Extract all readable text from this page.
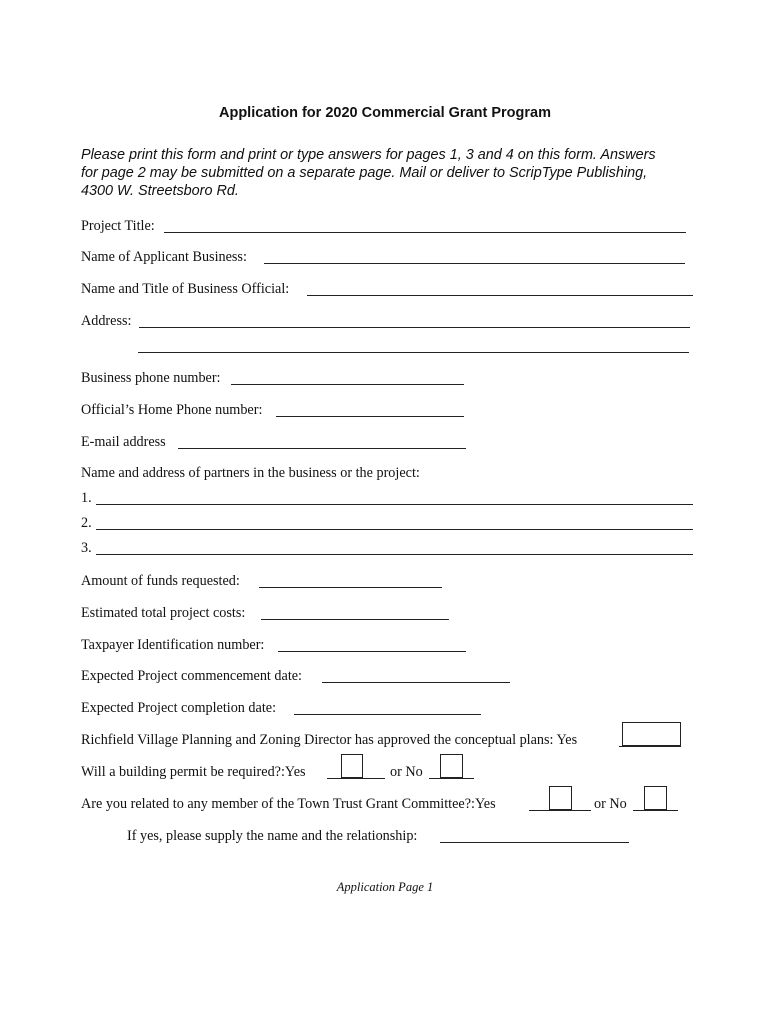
Application for 2020 Commercial Grant Program
Please print this form and print or type answers for pages 1, 3 and 4 on this form. Answers
for page 2 may be submitted on a separate page. Mail or deliver to ScripType Publishing,
4300 W. Streetsboro Rd.
Project Title:
Name of Applicant Business:
Name and Title of Business Official:
Address:
Business phone number:
Official’s Home Phone number:
E-mail address
Name and address of partners in the business or the project:
1.
2.
3.
Amount of funds requested:
Estimated total project costs:
Taxpayer Identification number:
Expected Project commencement date:
Expected Project completion date:
Richfield Village Planning and Zoning Director has approved the conceptual plans: Yes
Will a building permit be required?:Yes	or No
Are you related to any member of the Town Trust Grant Committee?:Yes	or No
If yes, please supply the name and the relationship:
Application Page 1
